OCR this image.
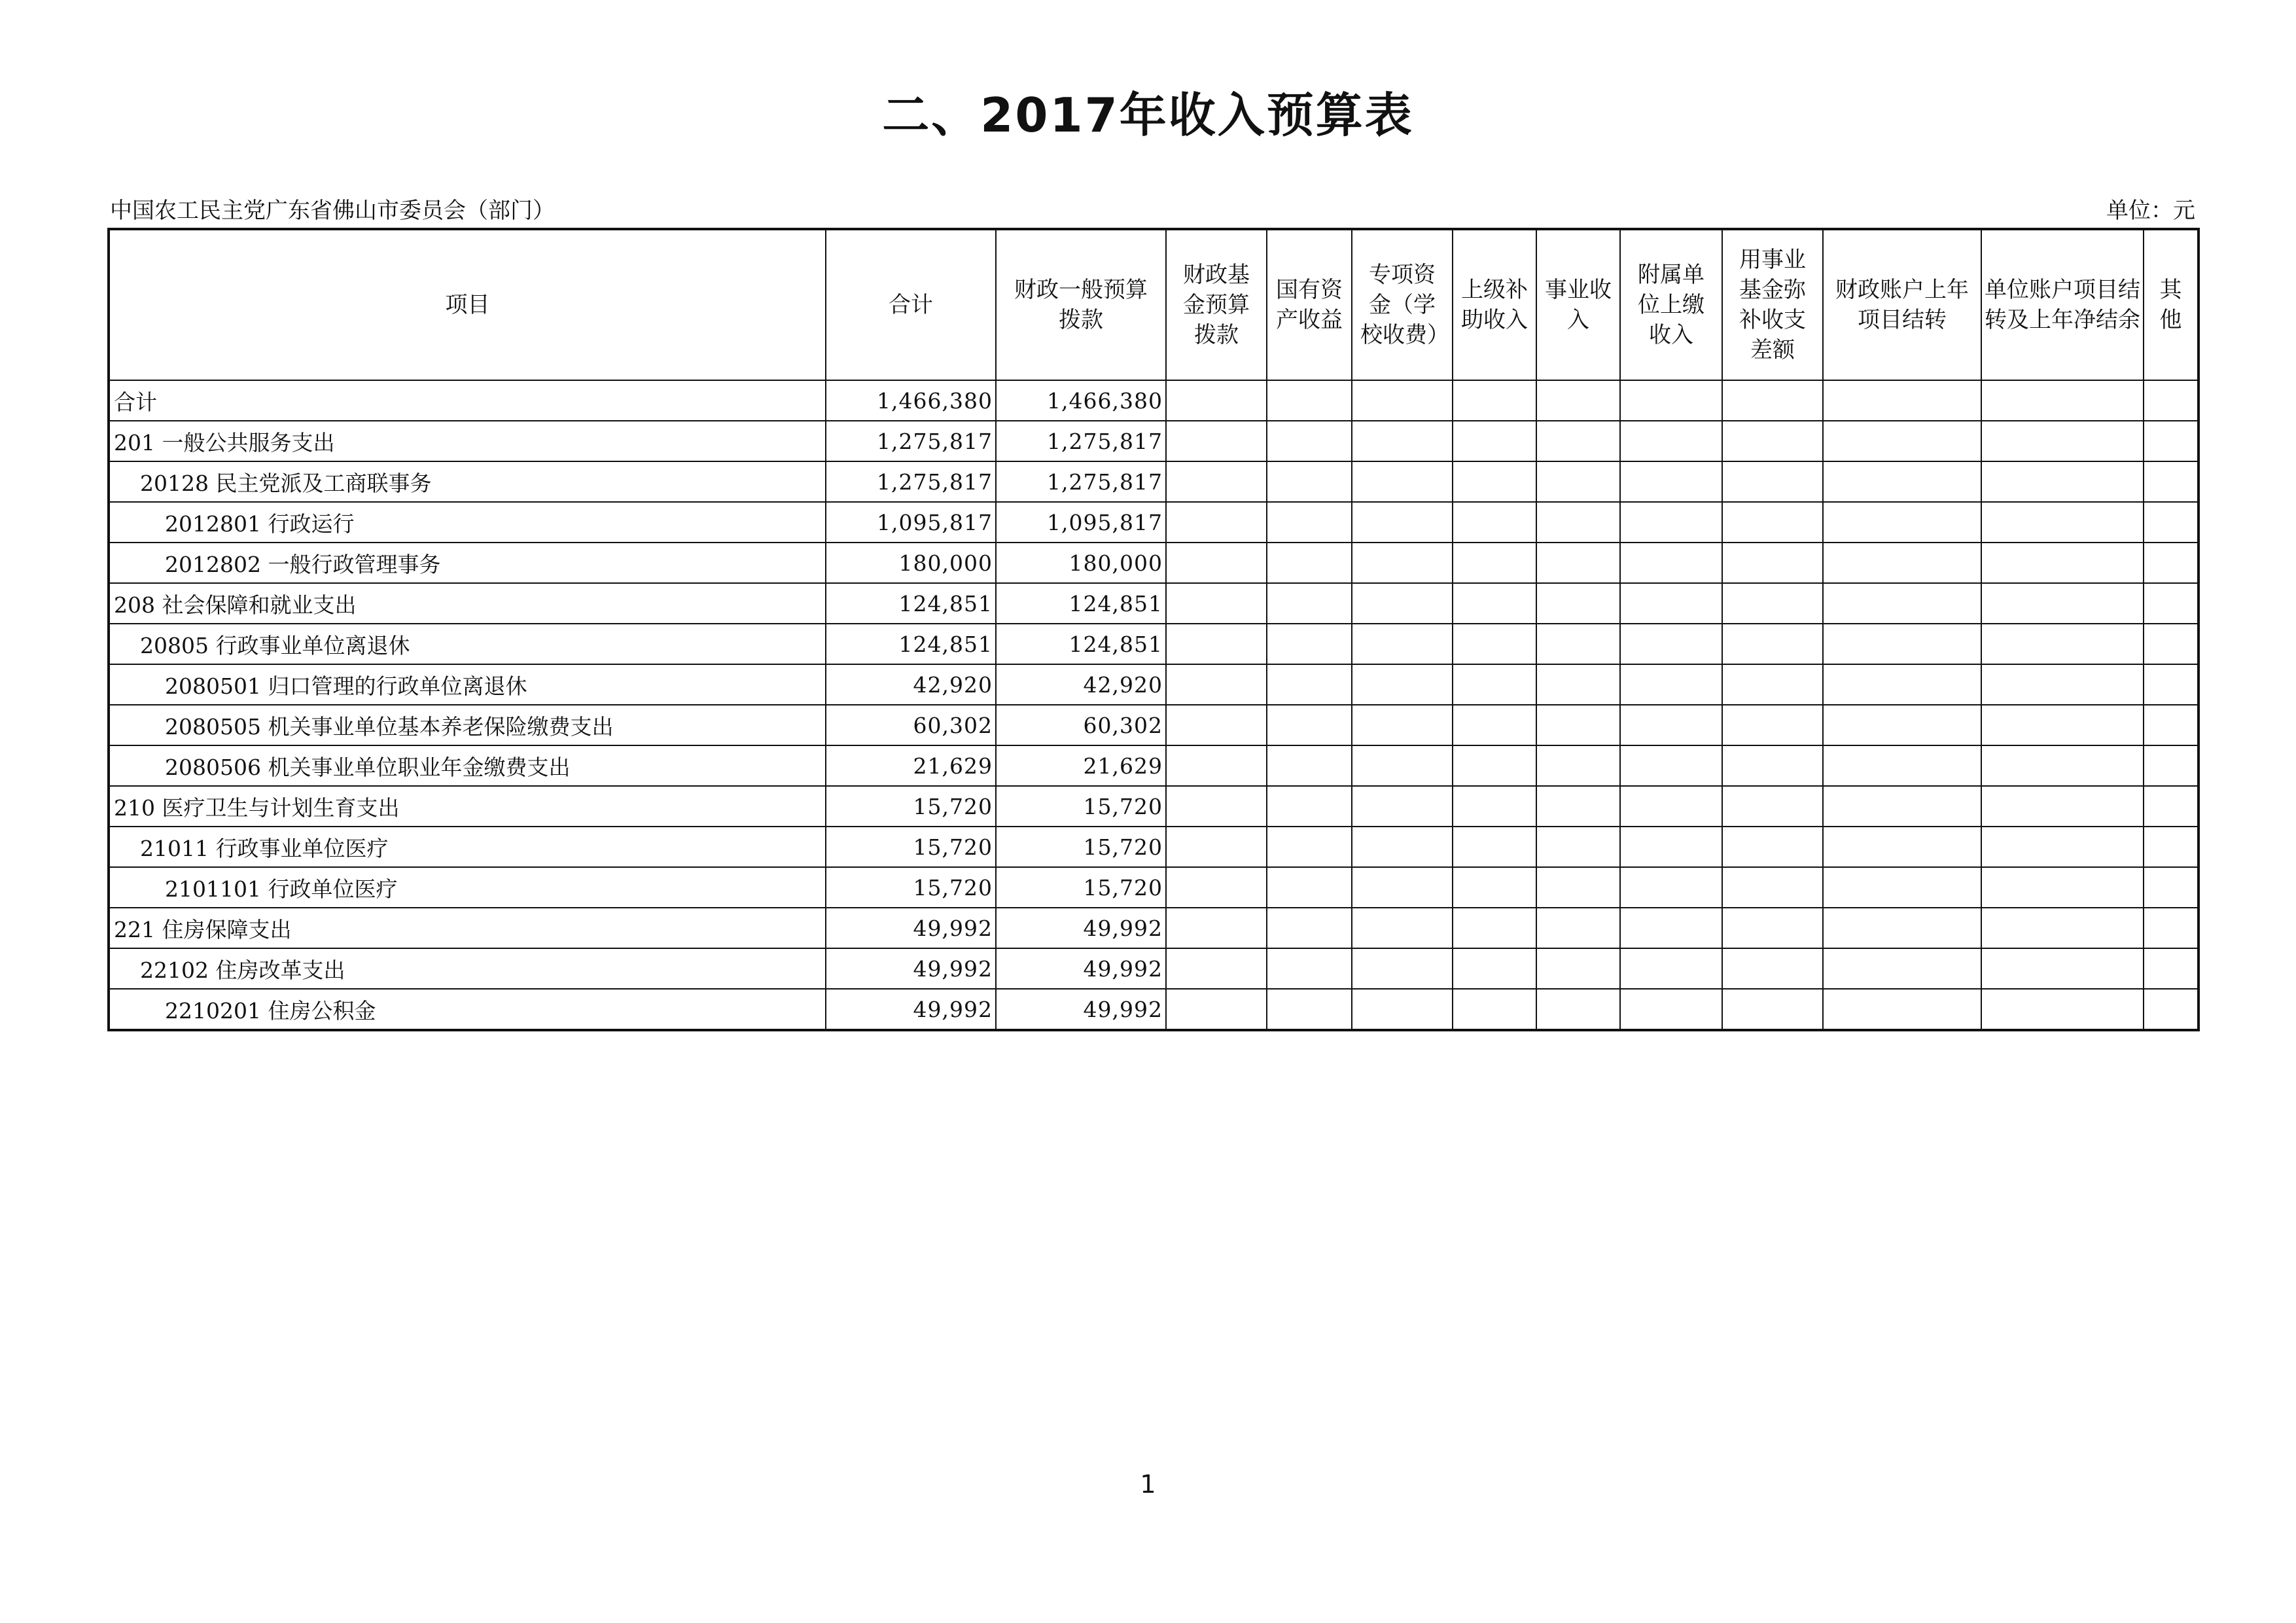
二、2017年收入预算表
中国农工民主党广东省佛山市委员会（部门）	单位：元
项目	合计	财政一般预算拨款	财政基金预算拨款	国有资产收益	专项资金（学校收费）	上级补助收入	事业收入	附属单位上缴收入	用事业基金弥补收支差额	财政账户上年项目结转	单位账户项目结转及上年净结余	其他
合计	1,466,380	1,466,380										
201 一般公共服务支出	1,275,817	1,275,817										
20128 民主党派及工商联事务	1,275,817	1,275,817										
2012801 行政运行	1,095,817	1,095,817										
2012802 一般行政管理事务	180,000	180,000										
208 社会保障和就业支出	124,851	124,851										
20805 行政事业单位离退休	124,851	124,851										
2080501 归口管理的行政单位离退休	42,920	42,920										
2080505 机关事业单位基本养老保险缴费支出	60,302	60,302										
2080506 机关事业单位职业年金缴费支出	21,629	21,629										
210 医疗卫生与计划生育支出	15,720	15,720										
21011 行政事业单位医疗	15,720	15,720										
2101101 行政单位医疗	15,720	15,720										
221 住房保障支出	49,992	49,992										
22102 住房改革支出	49,992	49,992										
2210201 住房公积金	49,992	49,992										
1
